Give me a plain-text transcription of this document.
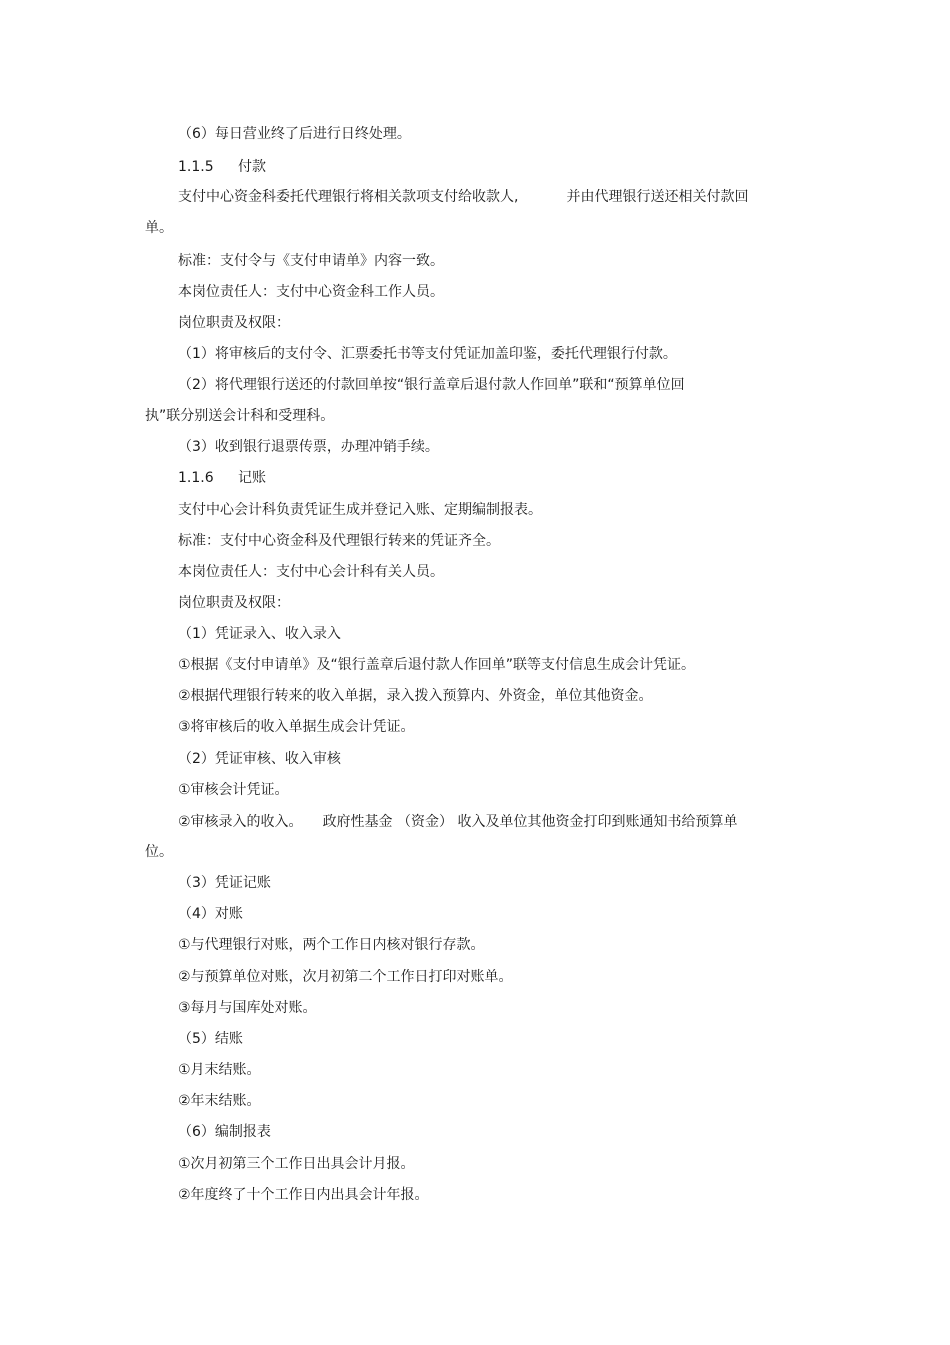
（6）每日营业终了后进行日终处理。
1.1.5 付款
支付中心资金科委托代理银行将相关款项支付给收款人,	并由代理银行送还相关付款回
单。
标准：支付令与《支付申请单》内容一致。
本岗位责任人：支付中心资金科工作人员。
岗位职责及权限：
（1）将审核后的支付令、汇票委托书等支付凭证加盖印鉴，委托代理银行付款。
（2）将代理银行送还的付款回单按“银行盖章后退付款人作回单”联和“预算单位回
执”联分别送会计科和受理科。
（3）收到银行退票传票，办理冲销手续。
1.1.6 记账
支付中心会计科负责凭证生成并登记入账、定期编制报表。
标准：支付中心资金科及代理银行转来的凭证齐全。
本岗位责任人：支付中心会计科有关人员。
岗位职责及权限：
（1）凭证录入、收入录入
①根据《支付申请单》及“银行盖章后退付款人作回单”联等支付信息生成会计凭证。
②根据代理银行转来的收入单据，录入拨入预算内、外资金，单位其他资金。
③将审核后的收入单据生成会计凭证。
（2）凭证审核、收入审核
①审核会计凭证。
②审核录入的收入。 政府性基金 （资金） 收入及单位其他资金打印到账通知书给预算单
位。
（3）凭证记账
（4）对账
①与代理银行对账，两个工作日内核对银行存款。
②与预算单位对账，次月初第二个工作日打印对账单。
③每月与国库处对账。
（5）结账
①月末结账。
②年末结账。
（6）编制报表
①次月初第三个工作日出具会计月报。
②年度终了十个工作日内出具会计年报。
